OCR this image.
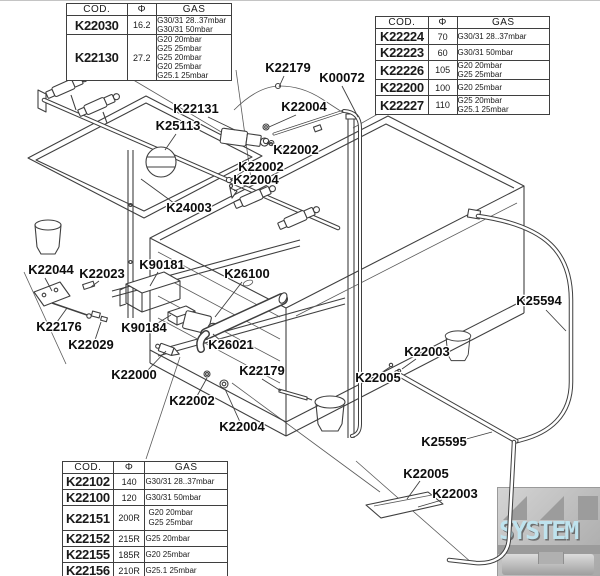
SYSTEM
K22179
K00072
K22131	K22004
K25113
K22002
K22002
K22004
K24003
K22044 K22023
K90181
K26100
K22176	K90184
K22029	K26021
K22000	K22179	K22005
K22003
K22002
K22004
K25594
K25595
K22005
K22003
COD.	Φ	GAS
K22030	16.2	G30/31 28..37mbar
G30/31 50mbar

K22130	27.2	G20 20mbar
G25 25mbar
G25 20mbar
G20 25mbar
G25.1 25mbar
COD.	Φ	GAS
K22224	70	G30/31 28..37mbar

K22223	60	G30/31 50mbar

K22226	105	G20 20mbar
G25 25mbar

K22200	100	G20 25mbar

K22227	110	G25 20mbar
G25.1 25mbar
COD.	Φ	GAS
K22102	140	G30/31 28..37mbar

K22100	120	G30/31 50mbar

K22151	200R	G20 20mbar
G25 25mbar

K22152	215R	G25 20mbar

K22155	185R	G20 25mbar

K22156	210R	G25.1 25mbar
